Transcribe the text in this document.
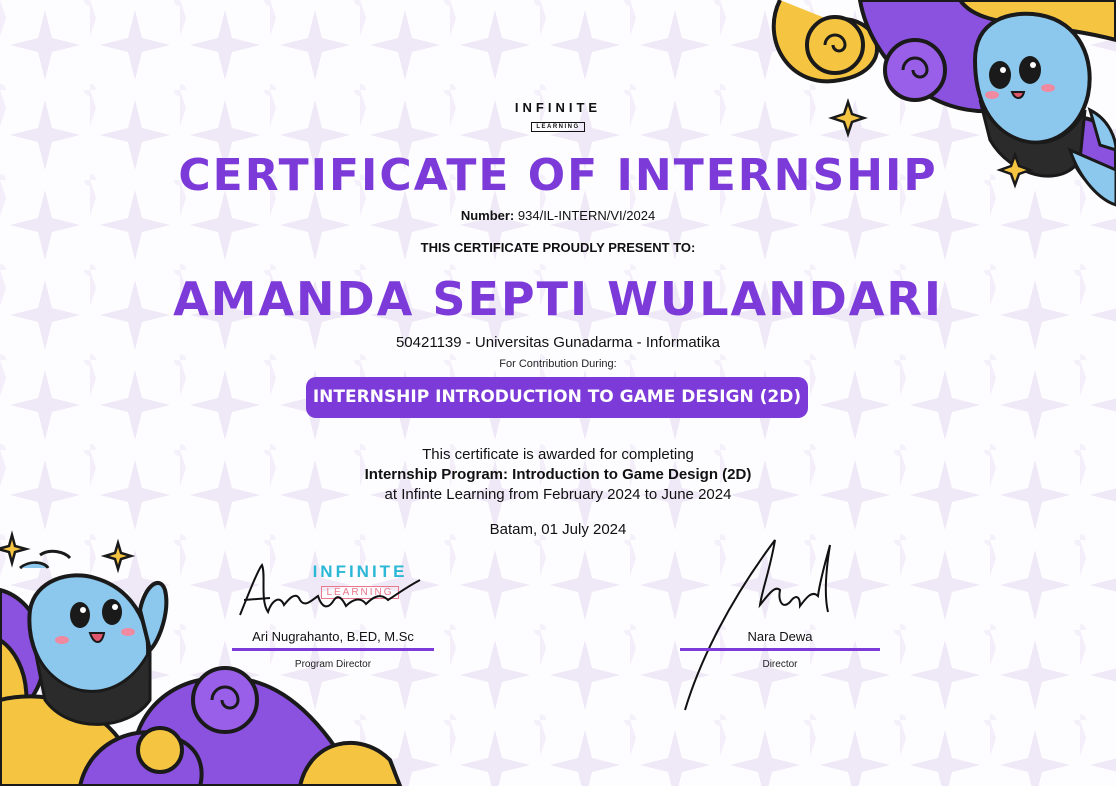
INFINITE
LEARNING
CERTIFICATE OF INTERNSHIP
Number: 934/IL-INTERN/VI/2024
THIS CERTIFICATE PROUDLY PRESENT TO:
AMANDA SEPTI WULANDARI
50421139 - Universitas Gunadarma - Informatika
For Contribution During:
INTERNSHIP INTRODUCTION TO GAME DESIGN (2D)
This certificate is awarded for completing
Internship Program: Introduction to Game Design (2D)
at Infinte Learning from February 2024 to June 2024
Batam, 01 July 2024
INFINITE
LEARNING
Ari Nugrahanto, B.ED, M.Sc
Program Director
Nara Dewa
Director
